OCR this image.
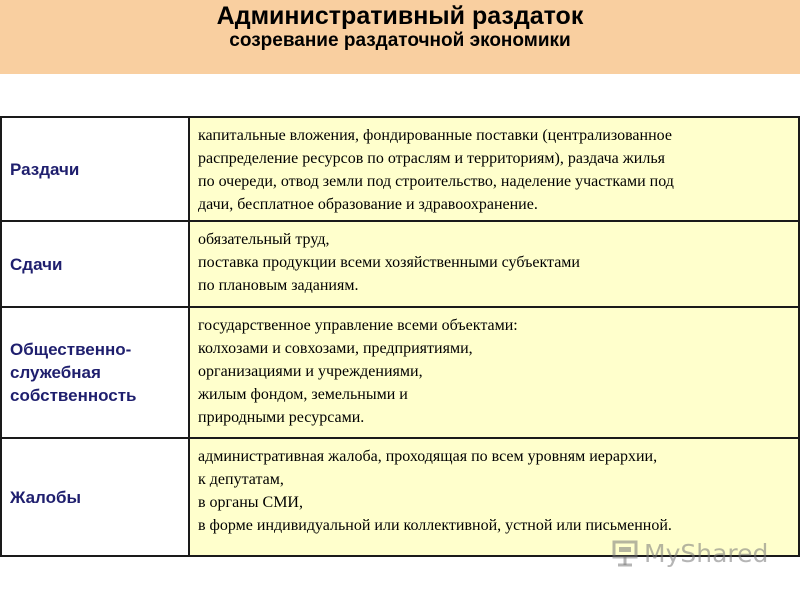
Административный раздаток
созревание раздаточной экономики
Раздачи	капитальные вложения, фондированные поставки (централизованное
распределение ресурсов по отраслям и территориям), раздача жилья
по очереди, отвод земли под строительство, наделение участками под
дачи, бесплатное образование и здравоохранение.

Сдачи	обязательный труд,
поставка продукции всеми хозяйственными субъектами
по плановым заданиям.

Общественно-
служебная
собственность	государственное управление всеми объектами:
колхозами и совхозами, предприятиями,
организациями и учреждениями,
жилым фондом, земельными и
природными ресурсами.

Жалобы	административная жалоба, проходящая по всем уровням иерархии,
к депутатам,
в органы СМИ,
в форме индивидуальной или коллективной, устной или письменной.
MyShared
